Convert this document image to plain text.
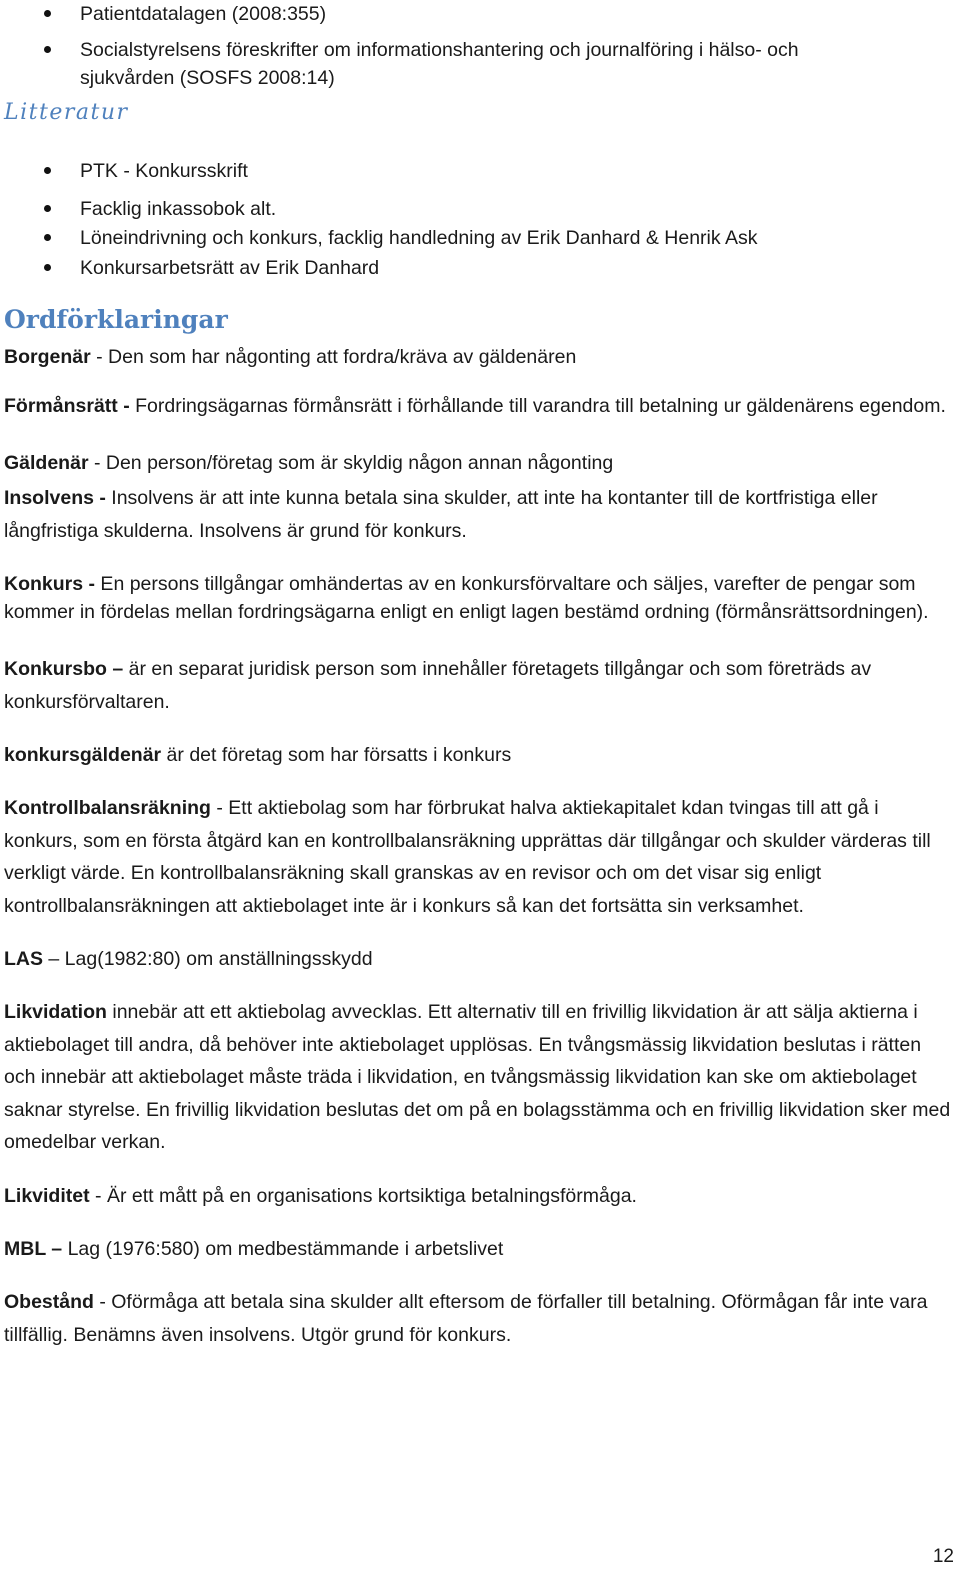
Patientdatalagen (2008:355)
Socialstyrelsens föreskrifter om informationshantering och journalföring i hälso- och sjukvården (SOSFS 2008:14)
Litteratur
PTK - Konkursskrift
Facklig inkassobok alt.
Löneindrivning och konkurs, facklig handledning av Erik Danhard & Henrik Ask
Konkursarbetsrätt av Erik Danhard
Ordförklaringar
Borgenär - Den som har någonting att fordra/kräva av gäldenären
Förmånsrätt - Fordringsägarnas förmånsrätt i förhållande till varandra till betalning ur gäldenärens egendom.
Gäldenär - Den person/företag som är skyldig någon annan någonting
Insolvens - Insolvens är att inte kunna betala sina skulder, att inte ha kontanter till de kortfristiga eller långfristiga skulderna. Insolvens är grund för konkurs.
Konkurs - En persons tillgångar omhändertas av en konkursförvaltare och säljes, varefter de pengar som kommer in fördelas mellan fordringsägarna enligt en enligt lagen bestämd ordning (förmånsrättsordningen).
Konkursbo – är en separat juridisk person som innehåller företagets tillgångar och som företräds av konkursförvaltaren.
konkursgäldenär är det företag som har försatts i konkurs
Kontrollbalansräkning - Ett aktiebolag som har förbrukat halva aktiekapitalet kdan tvingas till att gå i konkurs, som en första åtgärd kan en kontrollbalansräkning upprättas där tillgångar och skulder värderas till verkligt värde. En kontrollbalansräkning skall granskas av en revisor och om det visar sig enligt kontrollbalansräkningen att aktiebolaget inte är i konkurs så kan det fortsätta sin verksamhet.
LAS – Lag(1982:80) om anställningsskydd
Likvidation innebär att ett aktiebolag avvecklas. Ett alternativ till en frivillig likvidation är att sälja aktierna i aktiebolaget till andra, då behöver inte aktiebolaget upplösas. En tvångsmässig likvidation beslutas i rätten och innebär att aktiebolaget måste träda i likvidation, en tvångsmässig likvidation kan ske om aktiebolaget saknar styrelse. En frivillig likvidation beslutas det om på en bolagsstämma och en frivillig likvidation sker med omedelbar verkan.
Likviditet - Är ett mått på en organisations kortsiktiga betalningsförmåga.
MBL – Lag (1976:580) om medbestämmande i arbetslivet
Obestånd - Oförmåga att betala sina skulder allt eftersom de förfaller till betalning. Oförmågan får inte vara tillfällig. Benämns även insolvens. Utgör grund för konkurs.
12
